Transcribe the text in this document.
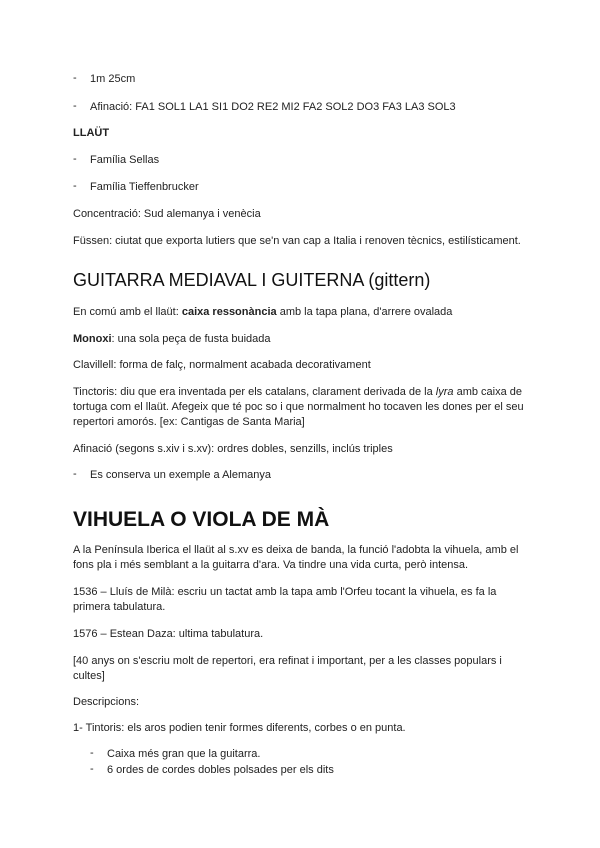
-	1m 25cm
-	Afinació: FA1 SOL1 LA1 SI1 DO2 RE2 MI2 FA2 SOL2 DO3 FA3 LA3 SOL3
LLAÜT
-	Família Sellas
-	Família Tieffenbrucker
Concentració: Sud alemanya i venècia
Füssen: ciutat que exporta lutiers que se'n van cap a Italia i renoven tècnics, estilísticament.
GUITARRA MEDIAVAL I GUITERNA (gittern)
En comú amb el llaüt: caixa ressonància amb la tapa plana, d'arrere ovalada
Monoxi: una sola peça de fusta buidada
Clavillell: forma de falç, normalment acabada decorativament
Tinctoris: diu que era inventada per els catalans, clarament derivada de la lyra amb caixa de
tortuga com el llaüt. Afegeix que té poc so i que normalment ho tocaven les dones per el seu
repertori amorós. [ex: Cantigas de Santa Maria]
Afinació (segons s.xiv i s.xv): ordres dobles, senzills, inclús triples
-	Es conserva un exemple a Alemanya
VIHUELA O VIOLA DE MÀ
A la Península Iberica el llaüt al s.xv es deixa de banda, la funció l'adobta la vihuela, amb el
fons pla i més semblant a la guitarra d'ara. Va tindre una vida curta, però intensa.
1536 – Lluís de Milà: escriu un tactat amb la tapa amb l'Orfeu tocant la vihuela, es fa la
primera tabulatura.
1576 – Estean Daza: ultima tabulatura.
[40 anys on s'escriu molt de repertori, era refinat i important, per a les classes populars i
cultes]
Descripcions:
1- Tintoris: els aros podien tenir formes diferents, corbes o en punta.
-	Caixa més gran que la guitarra.
-	6 ordes de cordes dobles polsades per els dits
